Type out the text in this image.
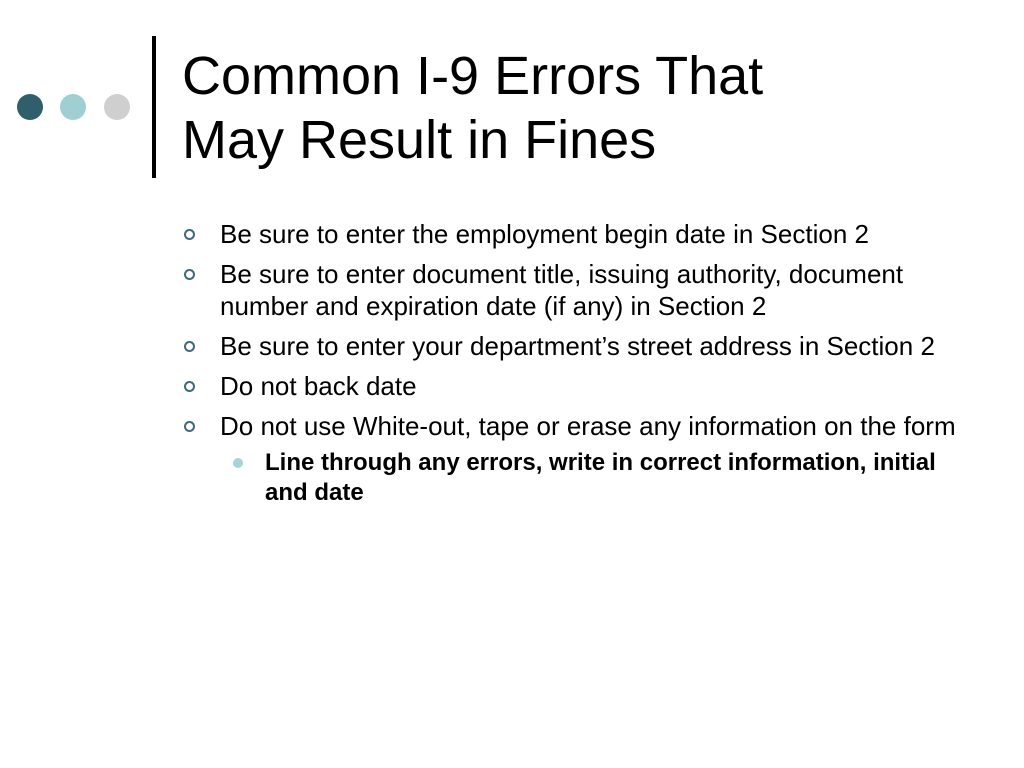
Common I-9 Errors That
May Result in Fines
Be sure to enter the employment begin date in Section 2
Be sure to enter document title, issuing authority, document number and expiration date (if any) in Section 2
Be sure to enter your department’s street address in Section 2
Do not back date
Do not use White-out, tape or erase any information on the form
Line through any errors, write in correct information, initial and date
